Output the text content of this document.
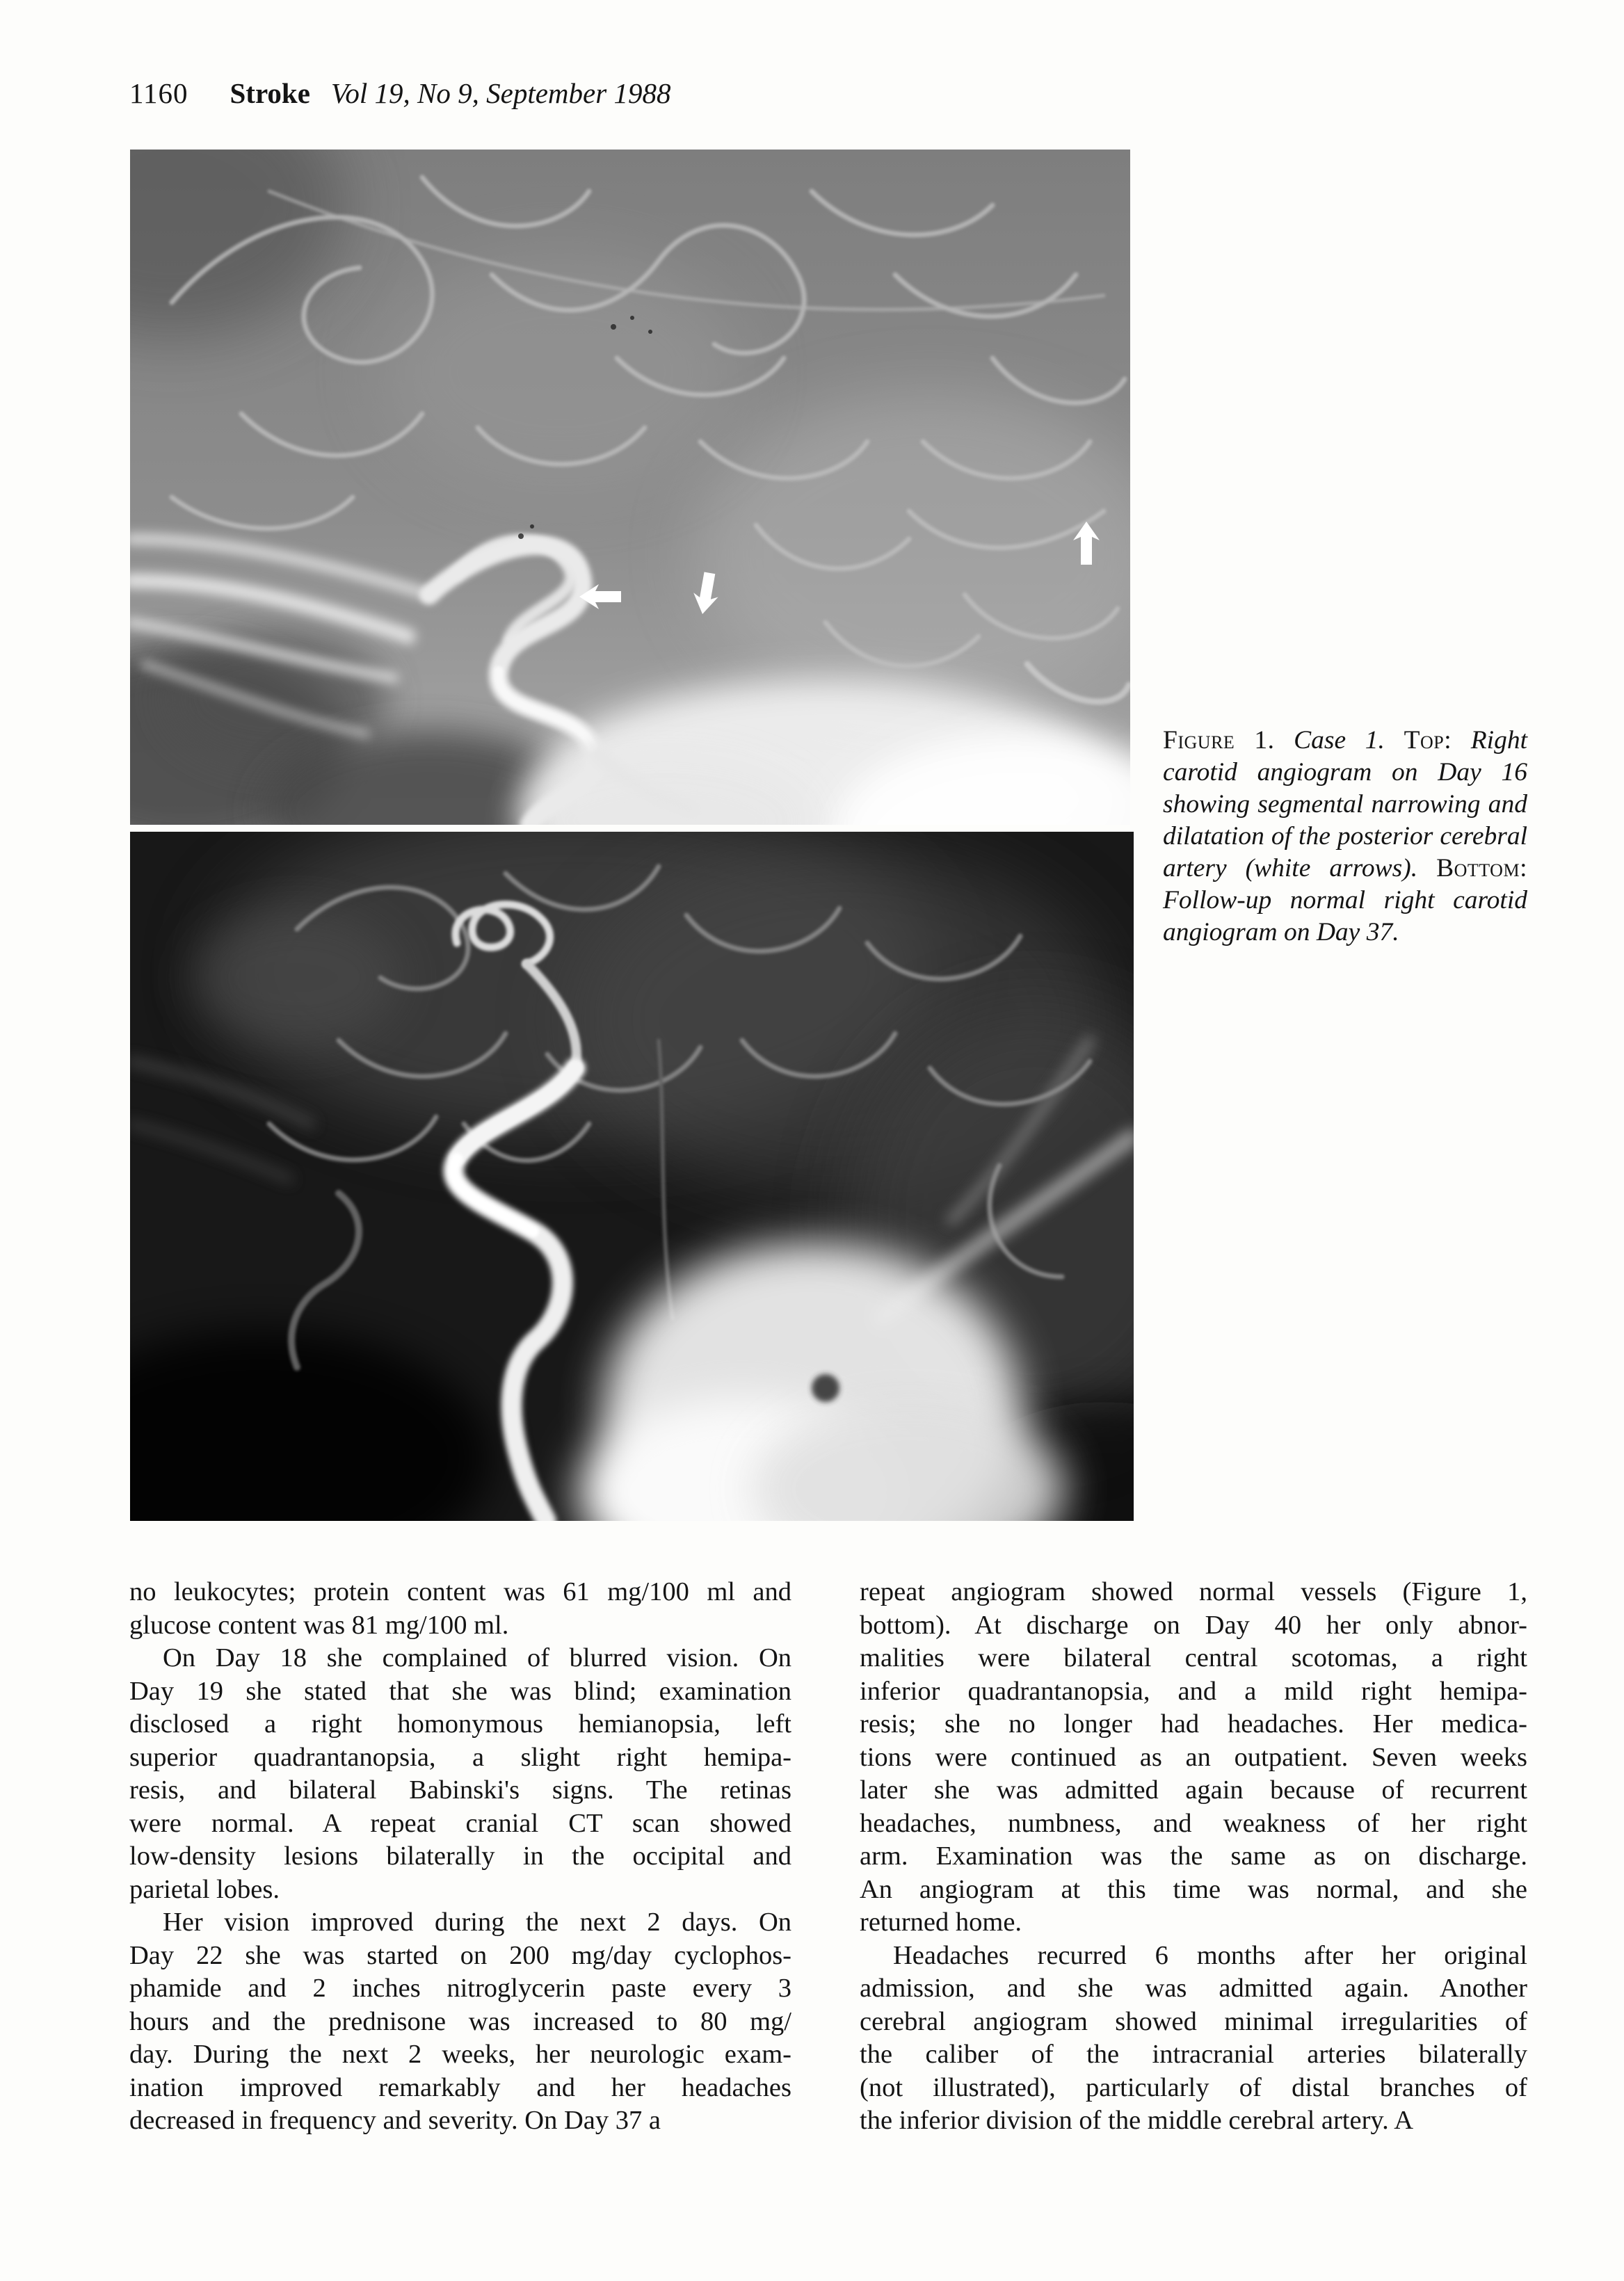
1160 Stroke Vol 19, No 9, September 1988
Figure 1. Case 1. Top: Right carotid angiogram on Day 16 showing segmental narrowing and dilatation of the posterior cerebral artery (white arrows). Bottom: Follow-up normal right carotid angiogram on Day 37.
no leukocytes; protein content was 61 mg/100 ml and
glucose content was 81 mg/100 ml.
On Day 18 she complained of blurred vision. On
Day 19 she stated that she was blind; examination
disclosed a right homonymous hemianopsia, left
superior quadrantanopsia, a slight right hemipa-
resis, and bilateral Babinski's signs. The retinas
were normal. A repeat cranial CT scan showed
low-density lesions bilaterally in the occipital and
parietal lobes.
Her vision improved during the next 2 days. On
Day 22 she was started on 200 mg/day cyclophos-
phamide and 2 inches nitroglycerin paste every 3
hours and the prednisone was increased to 80 mg/
day. During the next 2 weeks, her neurologic exam-
ination improved remarkably and her headaches
decreased in frequency and severity. On Day 37 a
repeat angiogram showed normal vessels (Figure 1,
bottom). At discharge on Day 40 her only abnor-
malities were bilateral central scotomas, a right
inferior quadrantanopsia, and a mild right hemipa-
resis; she no longer had headaches. Her medica-
tions were continued as an outpatient. Seven weeks
later she was admitted again because of recurrent
headaches, numbness, and weakness of her right
arm. Examination was the same as on discharge.
An angiogram at this time was normal, and she
returned home.
Headaches recurred 6 months after her original
admission, and she was admitted again. Another
cerebral angiogram showed minimal irregularities of
the caliber of the intracranial arteries bilaterally
(not illustrated), particularly of distal branches of
the inferior division of the middle cerebral artery. A
